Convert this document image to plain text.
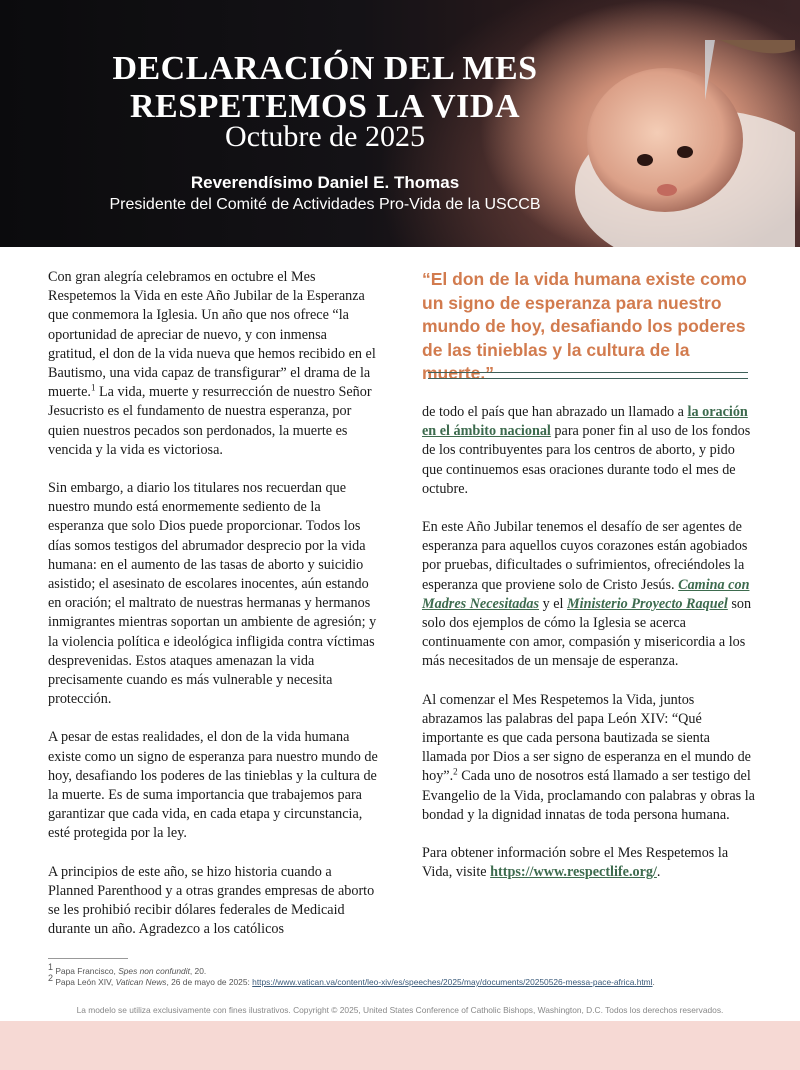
DECLARACIÓN DEL MES
RESPETEMOS LA VIDA
Octubre de 2025
Reverendísimo Daniel E. Thomas
Presidente del Comité de Actividades Pro-Vida de la USCCB

Con gran alegría celebramos en octubre el Mes Respetemos la Vida en este Año Jubilar de la Esperanza que conmemora la Iglesia. Un año que nos ofrece “la oportunidad de apreciar de nuevo, y con inmensa gratitud, el don de la vida nueva que hemos recibido en el Bautismo, una vida capaz de transfigurar” el drama de la muerte.$^1$ La vida, muerte y resurrección de nuestro Señor Jesucristo es el fundamento de nuestra esperanza, por quien nuestros pecados son perdonados, la muerte es vencida y la vida es victoriosa.

Sin embargo, a diario los titulares nos recuerdan que nuestro mundo está enormemente sediento de la esperanza que solo Dios puede proporcionar. Todos los días somos testigos del abrumador desprecio por la vida humana: en el aumento de las tasas de aborto y suicidio asistido; el asesinato de escolares inocentes, aún estando en oración; el maltrato de nuestras hermanas y hermanos inmigrantes mientras soportan un ambiente de agresión; y la violencia política e ideológica infligida contra víctimas desprevenidas. Estos ataques amenazan la vida precisamente cuando es más vulnerable y necesita protección.

A pesar de estas realidades, el don de la vida humana existe como un signo de esperanza para nuestro mundo de hoy, desafiando los poderes de las tinieblas y la cultura de la muerte. Es de suma importancia que trabajemos para garantizar que cada vida, en cada etapa y circunstancia, esté protegida por la ley.

A principios de este año, se hizo historia cuando a Planned Parenthood y a otras grandes empresas de aborto se les prohibió recibir dólares federales de Medicaid durante un año. Agradezco a los católicos

“El don de la vida humana existe como un signo de esperanza para nuestro mundo de hoy, desafiando los poderes de las tinieblas y la cultura de la muerte.”

de todo el país que han abrazado un llamado a la oración en el ámbito nacional para poner fin al uso de los fondos de los contribuyentes para los centros de aborto, y pido que continuemos esas oraciones durante todo el mes de octubre.

En este Año Jubilar tenemos el desafío de ser agentes de esperanza para aquellos cuyos corazones están agobiados por pruebas, dificultades o sufrimientos, ofreciéndoles la esperanza que proviene solo de Cristo Jesús. Camina con Madres Necesitadas y el Ministerio Proyecto Raquel son solo dos ejemplos de cómo la Iglesia se acerca continuamente con amor, compasión y misericordia a los más necesitados de un mensaje de esperanza.

Al comenzar el Mes Respetemos la Vida, juntos abrazamos las palabras del papa León XIV: “Qué importante es que cada persona bautizada se sienta llamada por Dios a ser signo de esperanza en el mundo de hoy”.$^2$ Cada uno de nosotros está llamado a ser testigo del Evangelio de la Vida, proclamando con palabras y obras la bondad y la dignidad innatas de toda persona humana.

Para obtener información sobre el Mes Respetemos la Vida, visite https://www.respectlife.org/.

$^1$ Papa Francisco, Spes non confundit, 20.
$^2$ Papa León XIV, Vatican News, 26 de mayo de 2025: https://www.vatican.va/content/leo-xiv/es/speeches/2025/may/documents/20250526-messa-pace-africa.html.
La modelo se utiliza exclusivamente con fines ilustrativos. Copyright © 2025, United States Conference of Catholic Bishops, Washington, D.C. Todos los derechos reservados.
